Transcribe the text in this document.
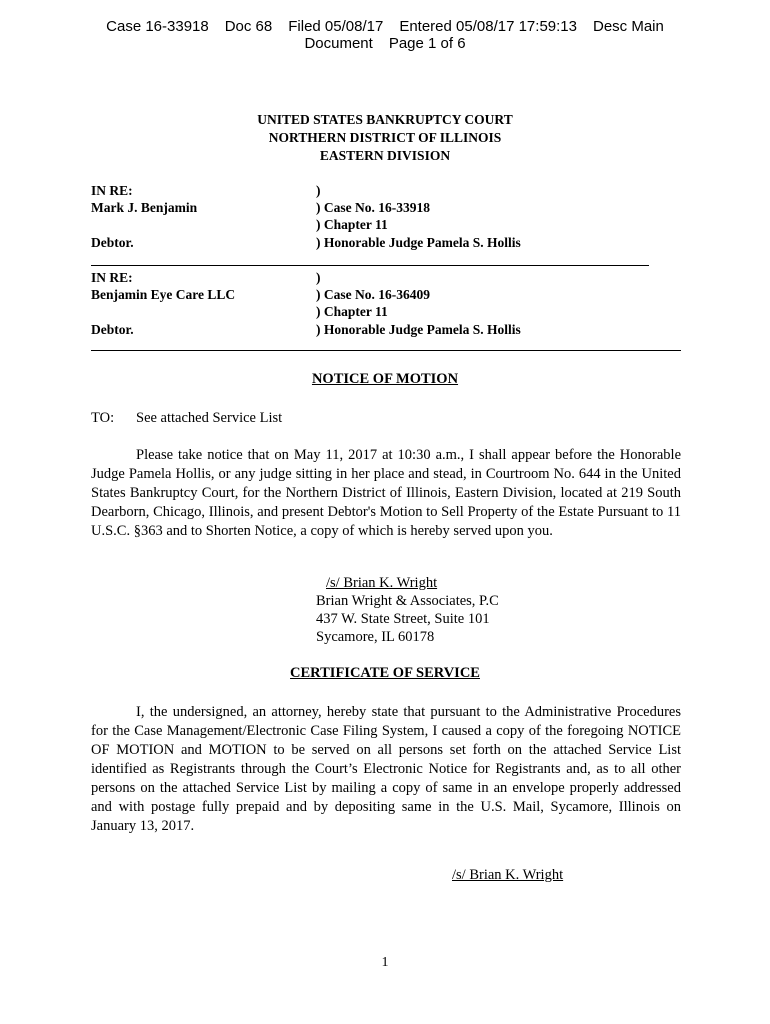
Case 16-33918 Doc 68 Filed 05/08/17 Entered 05/08/17 17:59:13 Desc Main
Document Page 1 of 6
UNITED STATES BANKRUPTCY COURT
NORTHERN DISTRICT OF ILLINOIS
EASTERN DIVISION
IN RE:
Mark J. Benjamin
Debtor.
)
) Case No. 16-33918
) Chapter 11
) Honorable Judge Pamela S. Hollis
IN RE:
Benjamin Eye Care LLC
Debtor.
)
) Case No. 16-36409
) Chapter 11
) Honorable Judge Pamela S. Hollis
NOTICE OF MOTION
TO: See attached Service List
Please take notice that on May 11, 2017 at 10:30 a.m., I shall appear before the Honorable Judge Pamela Hollis, or any judge sitting in her place and stead, in Courtroom No. 644 in the United States Bankruptcy Court, for the Northern District of Illinois, Eastern Division, located at 219 South Dearborn, Chicago, Illinois, and present Debtor's Motion to Sell Property of the Estate Pursuant to 11 U.S.C. §363 and to Shorten Notice, a copy of which is hereby served upon you.
/s/ Brian K. Wright
Brian Wright & Associates, P.C
437 W. State Street, Suite 101
Sycamore, IL 60178
CERTIFICATE OF SERVICE
I, the undersigned, an attorney, hereby state that pursuant to the Administrative Procedures for the Case Management/Electronic Case Filing System, I caused a copy of the foregoing NOTICE OF MOTION and MOTION to be served on all persons set forth on the attached Service List identified as Registrants through the Court’s Electronic Notice for Registrants and, as to all other persons on the attached Service List by mailing a copy of same in an envelope properly addressed and with postage fully prepaid and by depositing same in the U.S. Mail, Sycamore, Illinois on January 13, 2017.
/s/ Brian K. Wright
1
